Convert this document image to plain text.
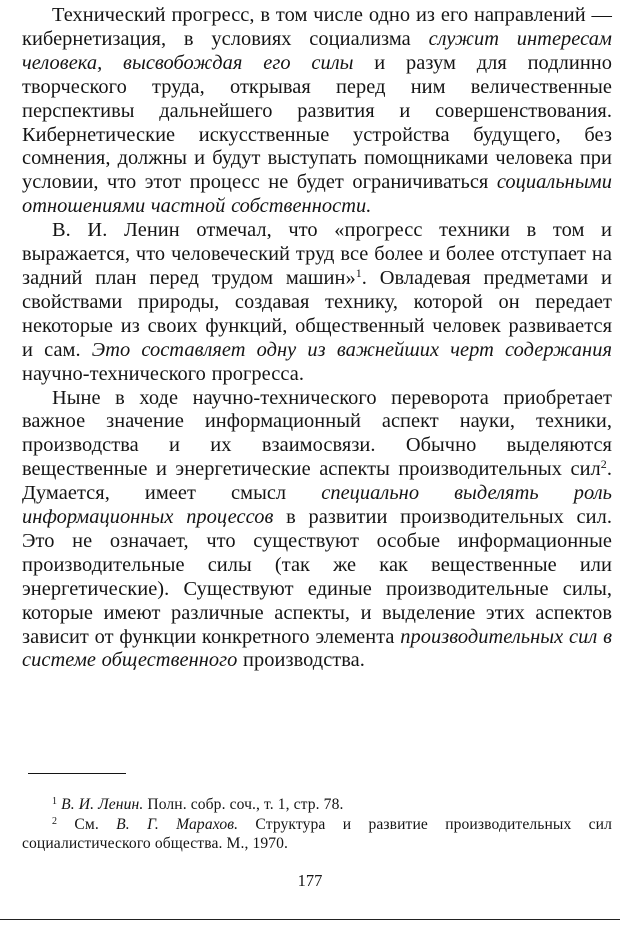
Технический прогресс, в том числе одно из его направлений — кибернетизация, в условиях социализма служит интересам человека, высвобождая его силы и разум для подлинно творческого труда, открывая перед ним величественные перспективы дальнейшего развития и совершенствования. Кибернетические искусственные устройства будущего, без сомнения, должны и будут выступать помощниками человека при условии, что этот процесс не будет ограничиваться социальными отношениями частной собственности.

В. И. Ленин отмечал, что «прогресс техники в том и выражается, что человеческий труд все более и более отступает на задний план перед трудом машин»$^1$. Овладевая предметами и свойствами природы, создавая технику, которой он передает некоторые из своих функций, общественный человек развивается и сам. Это составляет одну из важнейших черт содержания научно-технического прогресса.

Ныне в ходе научно-технического переворота приобретает важное значение информационный аспект науки, техники, производства и их взаимосвязи. Обычно выделяются вещественные и энергетические аспекты производительных сил$^2$. Думается, имеет смысл специально выделять роль информационных процессов в развитии производительных сил. Это не означает, что существуют особые информационные производительные силы (так же как вещественные или энергетические). Существуют единые производительные силы, которые имеют различные аспекты, и выделение этих аспектов зависит от функции конкретного элемента производительных сил в системе общественного производства.

$^1$ В. И. Ленин. Полн. собр. соч., т. 1, стр. 78.

$^2$ См. В. Г. Марахов. Структура и развитие производительных сил социалистического общества. М., 1970.

177
